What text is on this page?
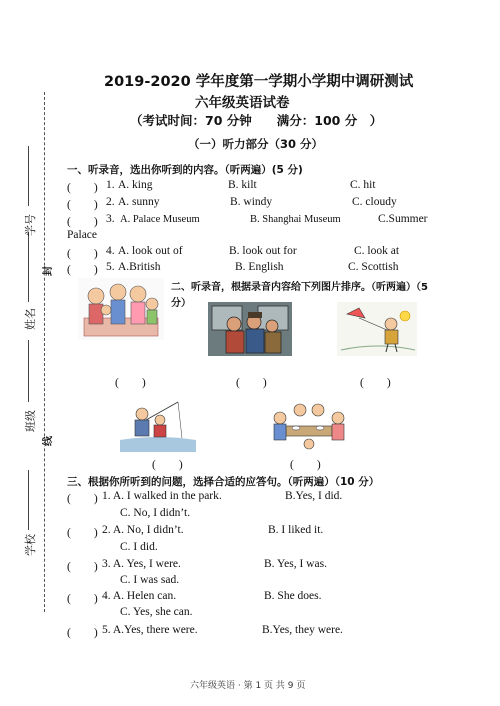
学校
班级
姓名
学号
封
线
2019-2020 学年度第一学期小学期中调研测试
六年级英语试卷
（考试时间：70 分钟　　满分：100 分　）
（一）听力部分（30 分）
一、听录音，选出你听到的内容。（听两遍）(5 分)
(　　) 1. A. king	B. kilt	C. hit
(　　) 2. A. sunny	B. windy	C. cloudy
(　　) 3. A. Palace Museum	B. Shanghai Museum	C.Summer
Palace
(　　) 4. A. look out of	B. look out for	C. look at
(　　) 5. A.British	B. English	C. Scottish
二、听录音，根据录音内容给下列图片排序。（听两遍）（5
分）
(　　)	(　　)	(　　)
(　　)	(　　)
三、根据你所听到的问题，选择合适的应答句。（听两遍）（10 分）
(　　) 1. A. I walked in the park.	B.Yes, I did.
C. No, I didn’t.
(　　) 2. A. No, I didn’t.	B. I liked it.
C. I did.
(　　) 3. A. Yes, I were.	B. Yes, I was.
C. I was sad.
(　　) 4. A. Helen can.	B. She does.
C. Yes, she can.
(　　) 5. A.Yes, there were.	B.Yes, they were.
六年级英语 · 第 1 页 共 9 页
